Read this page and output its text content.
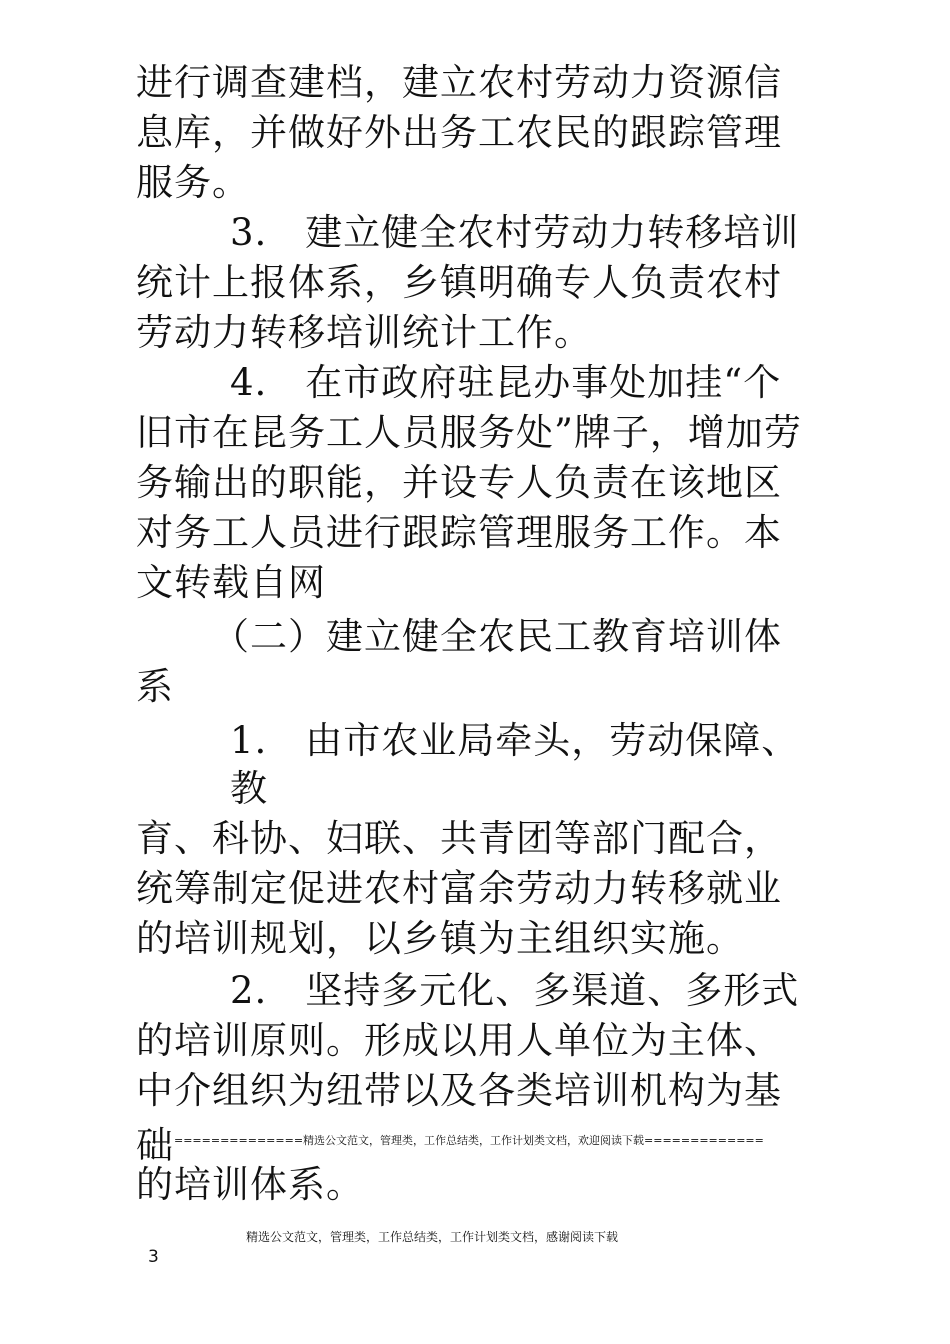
进行调查建档，建立农村劳动力资源信
息库，并做好外出务工农民的跟踪管理
服务。
3.　建立健全农村劳动力转移培训
统计上报体系，乡镇明确专人负责农村
劳动力转移培训统计工作。
4.　在市政府驻昆办事处加挂“个
旧市在昆务工人员服务处”牌子，增加劳
务输出的职能，并设专人负责在该地区
对务工人员进行跟踪管理服务工作。本
文转载自网
（二）建立健全农民工教育培训体
系
1.　由市农业局牵头，劳动保障、
教
育、科协、妇联、共青团等部门配合，
统筹制定促进农村富余劳动力转移就业
的培训规划，以乡镇为主组织实施。
2.　坚持多元化、多渠道、多形式
的培训原则。形成以用人单位为主体、
中介组织为纽带以及各类培训机构为基
础$^{==============精选公文范文,管理类,工作总结类,工作计划类文档,欢迎阅读下载=============}$
的培训体系。
精选公文范文，管理类，工作总结类，工作计划类文档，感谢阅读下载
3
